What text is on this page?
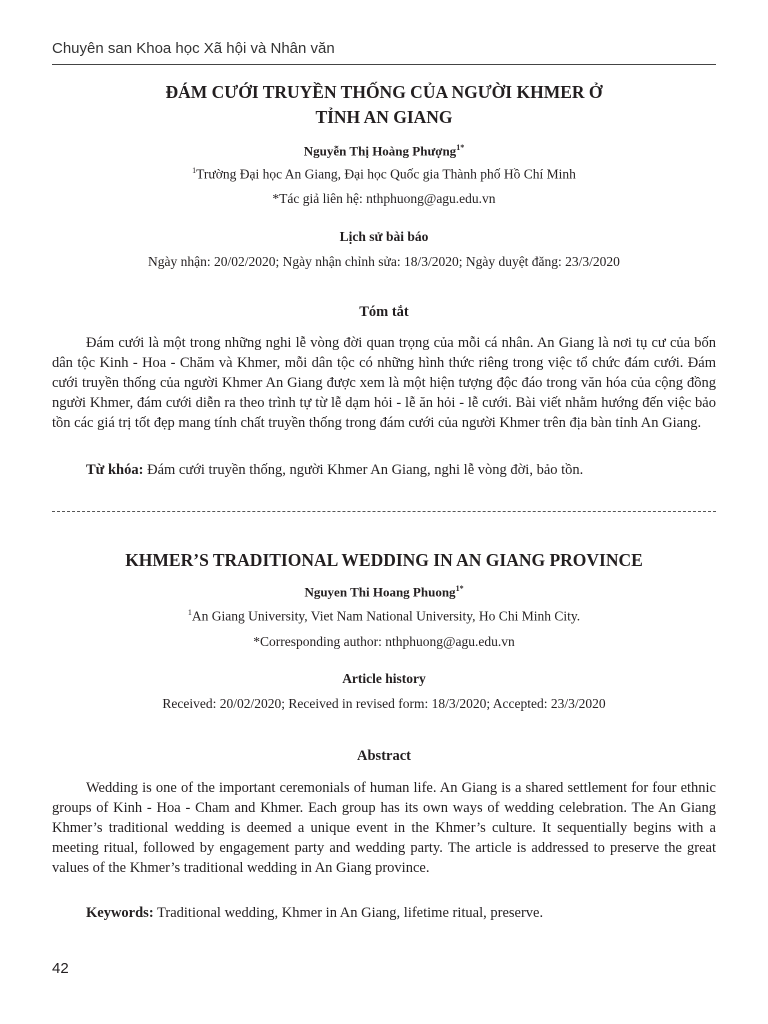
Chuyên san Khoa học Xã hội và Nhân văn
ĐÁM CƯỚI TRUYỀN THỐNG CỦA NGƯỜI KHMER Ở
TỈNH AN GIANG
Nguyễn Thị Hoàng Phượng$^{1*}$
$^1$Trường Đại học An Giang, Đại học Quốc gia Thành phố Hồ Chí Minh
*Tác giả liên hệ: nthphuong@agu.edu.vn
Lịch sử bài báo
Ngày nhận: 20/02/2020; Ngày nhận chỉnh sửa: 18/3/2020; Ngày duyệt đăng: 23/3/2020
Tóm tắt

Đám cưới là một trong những nghi lễ vòng đời quan trọng của mỗi cá nhân. An Giang là nơi tụ cư của bốn dân tộc Kinh - Hoa - Chăm và Khmer, mỗi dân tộc có những hình thức riêng trong việc tổ chức đám cưới. Đám cưới truyền thống của người Khmer An Giang được xem là một hiện tượng độc đáo trong văn hóa của cộng đồng người Khmer, đám cưới diễn ra theo trình tự từ lễ dạm hỏi - lễ ăn hỏi - lễ cưới. Bài viết nhằm hướng đến việc bảo tồn các giá trị tốt đẹp mang tính chất truyền thống trong đám cưới của người Khmer trên địa bàn tỉnh An Giang.

Từ khóa: Đám cưới truyền thống, người Khmer An Giang, nghi lễ vòng đời, bảo tồn.
KHMER’S TRADITIONAL WEDDING IN AN GIANG PROVINCE
Nguyen Thi Hoang Phuong$^{1*}$
$^1$An Giang University, Viet Nam National University, Ho Chi Minh City.
*Corresponding author: nthphuong@agu.edu.vn
Article history
Received: 20/02/2020; Received in revised form: 18/3/2020; Accepted: 23/3/2020
Abstract

Wedding is one of the important ceremonials of human life. An Giang is a shared settlement for four ethnic groups of Kinh - Hoa - Cham and Khmer. Each group has its own ways of wedding celebration. The An Giang Khmer’s traditional wedding is deemed a unique event in the Khmer’s culture. It sequentially begins with a meeting ritual, followed by engagement party and wedding party. The article is addressed to preserve the great values of the Khmer’s traditional wedding in An Giang province.

Keywords: Traditional wedding, Khmer in An Giang, lifetime ritual, preserve.
42
